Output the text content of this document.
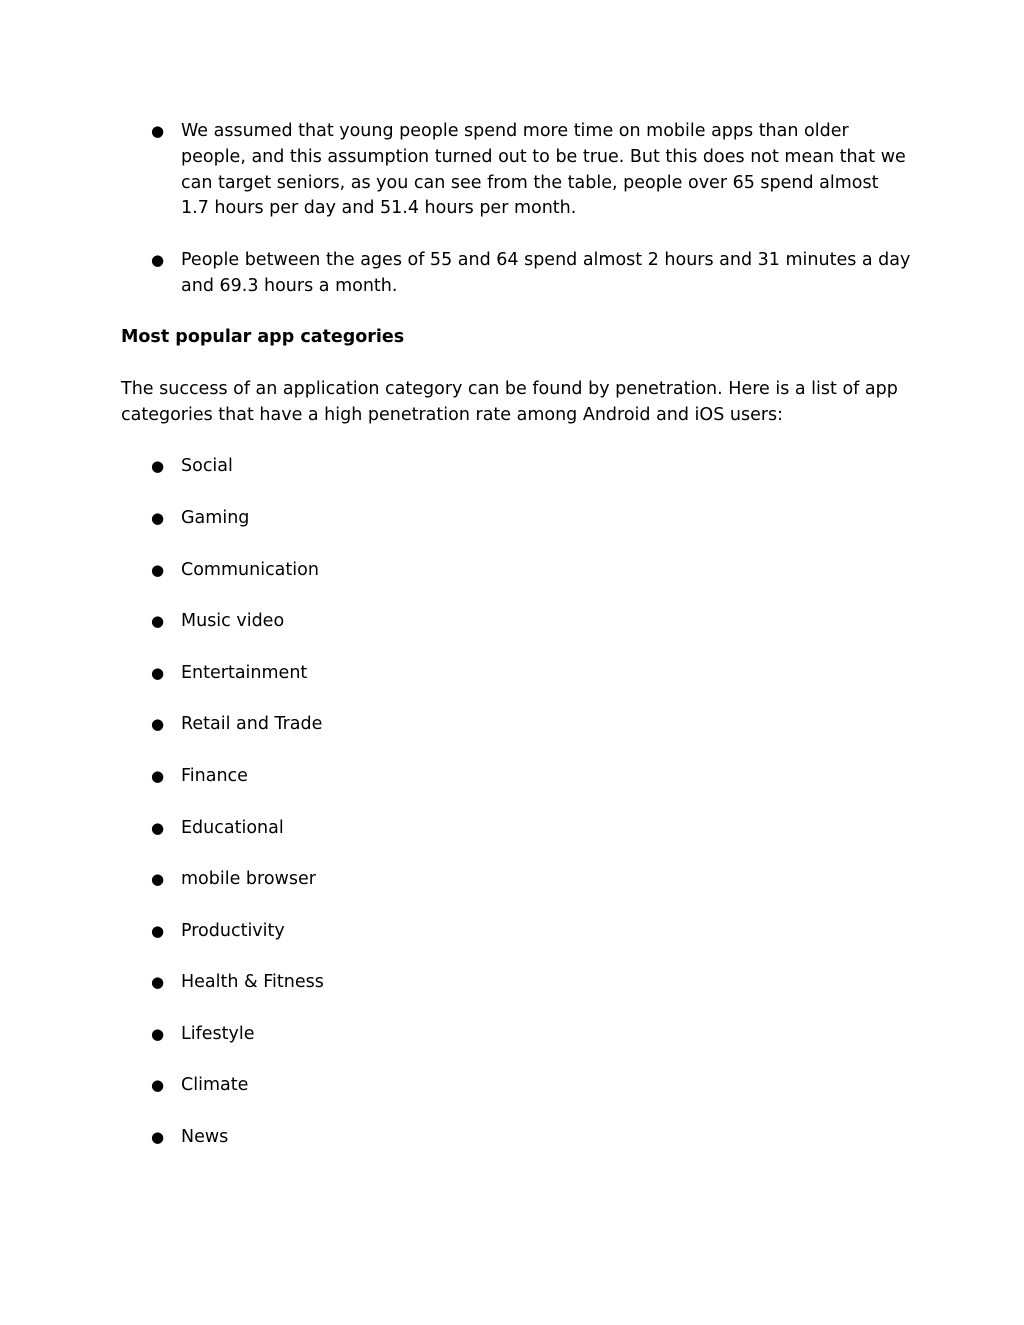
● We assumed that young people spend more time on mobile apps than older people, and this assumption turned out to be true. But this does not mean that we can target seniors, as you can see from the table, people over 65 spend almost 1.7 hours per day and 51.4 hours per month.
● People between the ages of 55 and 64 spend almost 2 hours and 31 minutes a day and 69.3 hours a month.
Most popular app categories
The success of an application category can be found by penetration. Here is a list of app categories that have a high penetration rate among Android and iOS users:
● Social
● Gaming
● Communication
● Music video
● Entertainment
● Retail and Trade
● Finance
● Educational
● mobile browser
● Productivity
● Health & Fitness
● Lifestyle
● Climate
● News
